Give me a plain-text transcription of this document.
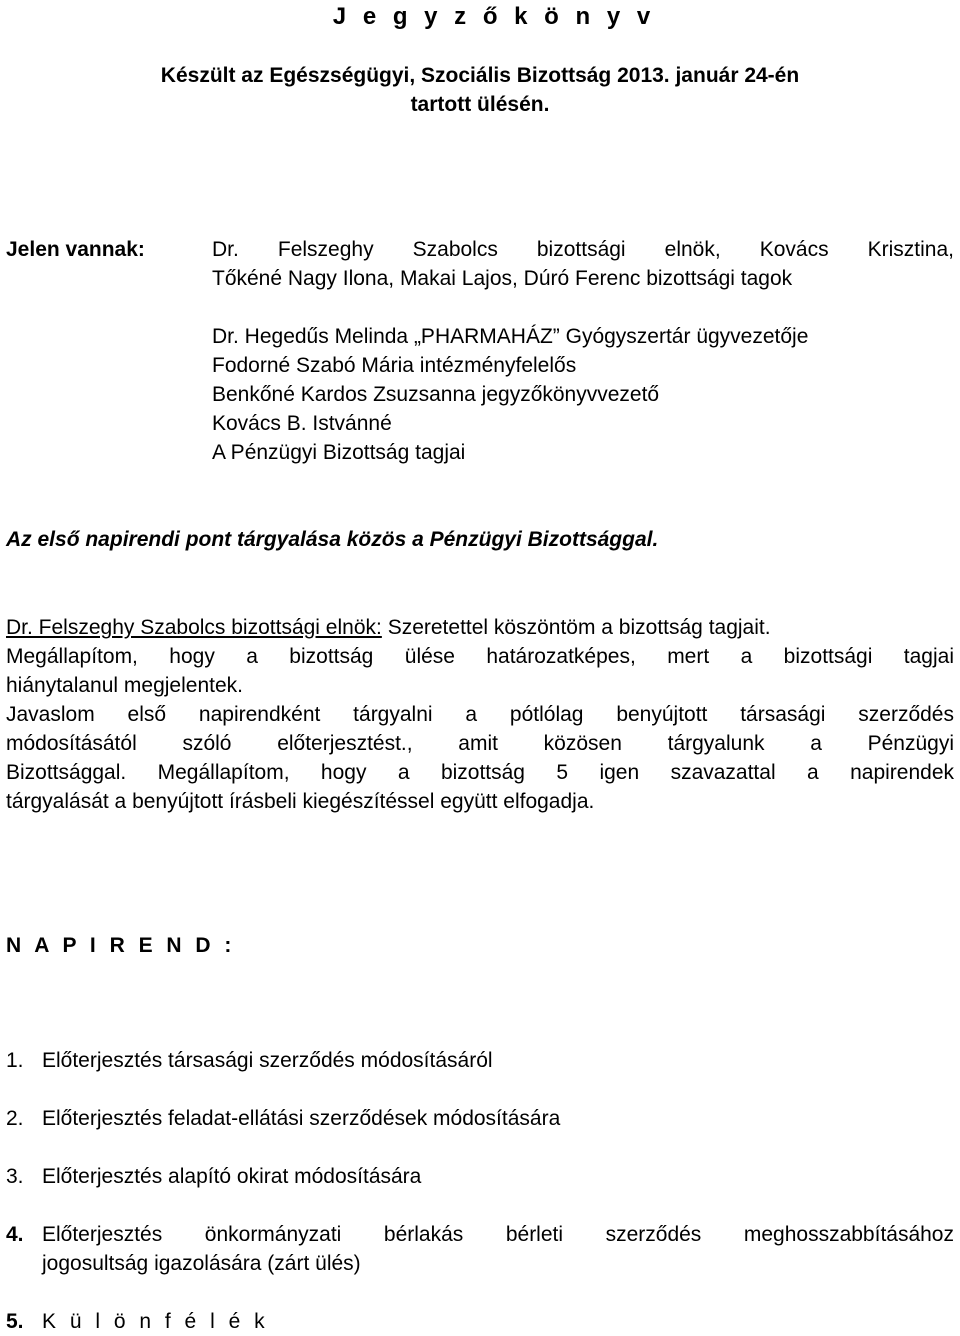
J e g y z ő k ö n y v
Készült az Egészségügyi, Szociális Bizottság 2013. január 24-én
tartott ülésén.
Jelen vannak:	Dr. Felszeghy Szabolcs bizottsági elnök, Kovács Krisztina,
Tőkéné Nagy Ilona, Makai Lajos, Dúró Ferenc bizottsági tagok
Dr. Hegedűs Melinda „PHARMAHÁZ” Gyógyszertár ügyvezetője
Fodorné Szabó Mária intézményfelelős
Benkőné Kardos Zsuzsanna jegyzőkönyvvezető
Kovács B. Istvánné
A Pénzügyi Bizottság tagjai
Az első napirendi pont tárgyalása közös a Pénzügyi Bizottsággal.

Dr. Felszeghy Szabolcs bizottsági elnök: Szeretettel köszöntöm a bizottság tagjait.

Megállapítom, hogy a bizottság ülése határozatképes, mert a bizottsági tagjai

hiánytalanul megjelentek.

Javaslom első napirendként tárgyalni a pótlólag benyújtott társasági szerződés

módosításától szóló előterjesztést., amit közösen tárgyalunk a Pénzügyi

Bizottsággal. Megállapítom, hogy a bizottság 5 igen szavazattal a napirendek

tárgyalását a benyújtott írásbeli kiegészítéssel együtt elfogadja.

N A P I R E N D :
1. Előterjesztés társasági szerződés módosításáról
2. Előterjesztés feladat-ellátási szerződések módosítására
3. Előterjesztés alapító okirat módosítására
4. Előterjesztés önkormányzati bérlakás bérleti szerződés meghosszabbításához
jogosultság igazolására (zárt ülés)
5. K ü l ö n f é l é k
